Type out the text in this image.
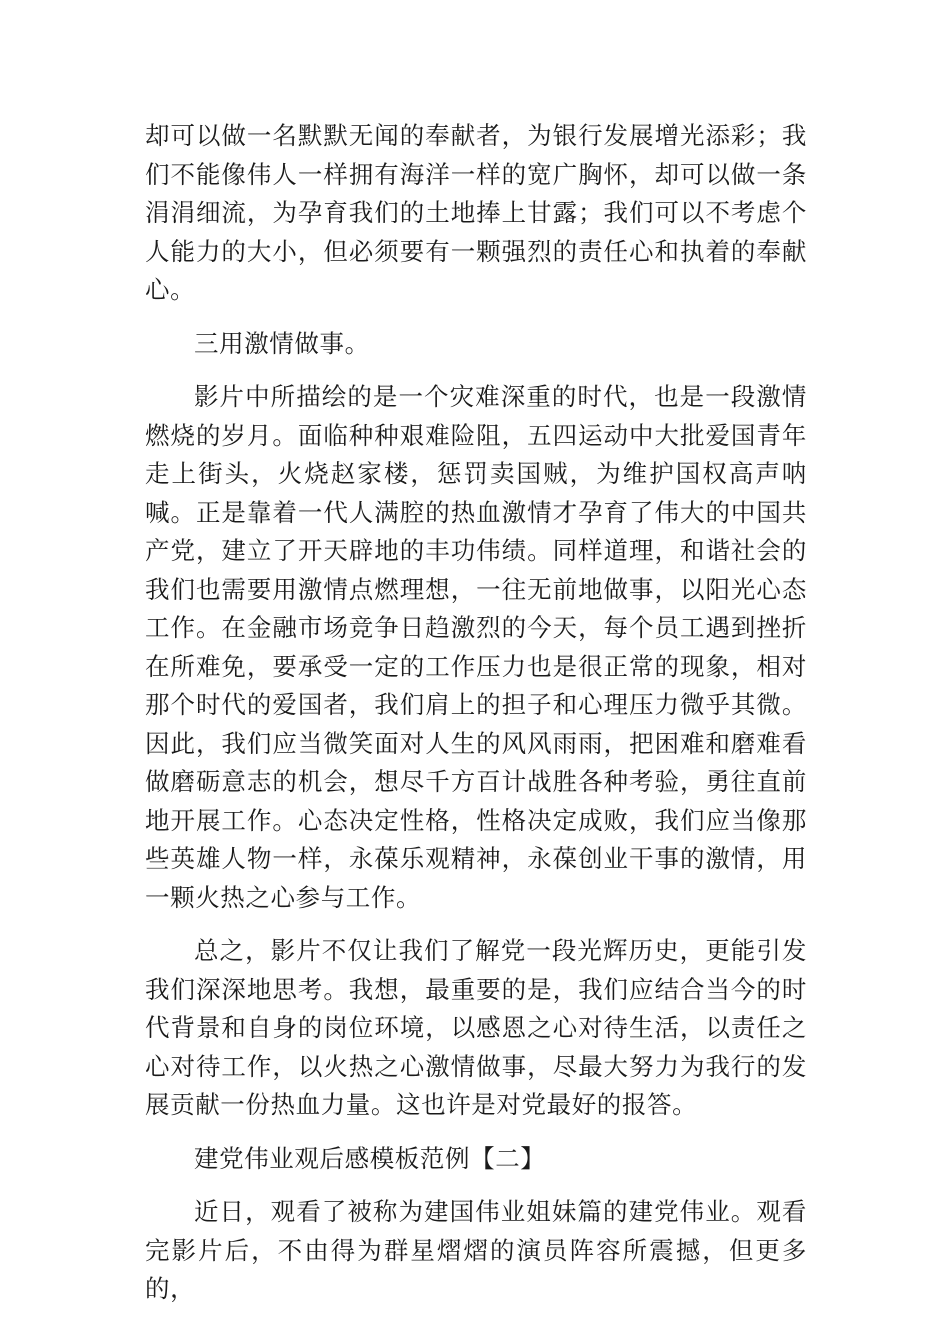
却可以做一名默默无闻的奉献者，为银行发展增光添彩；我们不能像伟人一样拥有海洋一样的宽广胸怀，却可以做一条涓涓细流，为孕育我们的土地捧上甘露；我们可以不考虑个人能力的大小，但必须要有一颗强烈的责任心和执着的奉献心。

三用激情做事。

影片中所描绘的是一个灾难深重的时代，也是一段激情燃烧的岁月。面临种种艰难险阻，五四运动中大批爱国青年走上街头，火烧赵家楼，惩罚卖国贼，为维护国权高声呐喊。正是靠着一代人满腔的热血激情才孕育了伟大的中国共产党，建立了开天辟地的丰功伟绩。同样道理，和谐社会的我们也需要用激情点燃理想，一往无前地做事，以阳光心态工作。在金融市场竞争日趋激烈的今天，每个员工遇到挫折在所难免，要承受一定的工作压力也是很正常的现象，相对那个时代的爱国者，我们肩上的担子和心理压力微乎其微。因此，我们应当微笑面对人生的风风雨雨，把困难和磨难看做磨砺意志的机会，想尽千方百计战胜各种考验，勇往直前地开展工作。心态决定性格，性格决定成败，我们应当像那些英雄人物一样，永葆乐观精神，永葆创业干事的激情，用一颗火热之心参与工作。

总之，影片不仅让我们了解党一段光辉历史，更能引发我们深深地思考。我想，最重要的是，我们应结合当今的时代背景和自身的岗位环境，以感恩之心对待生活，以责任之心对待工作，以火热之心激情做事，尽最大努力为我行的发展贡献一份热血力量。这也许是对党最好的报答。

建党伟业观后感模板范例【二】

近日，观看了被称为建国伟业姐妹篇的建党伟业。观看完影片后，不由得为群星熠熠的演员阵容所震撼，但更多的，
